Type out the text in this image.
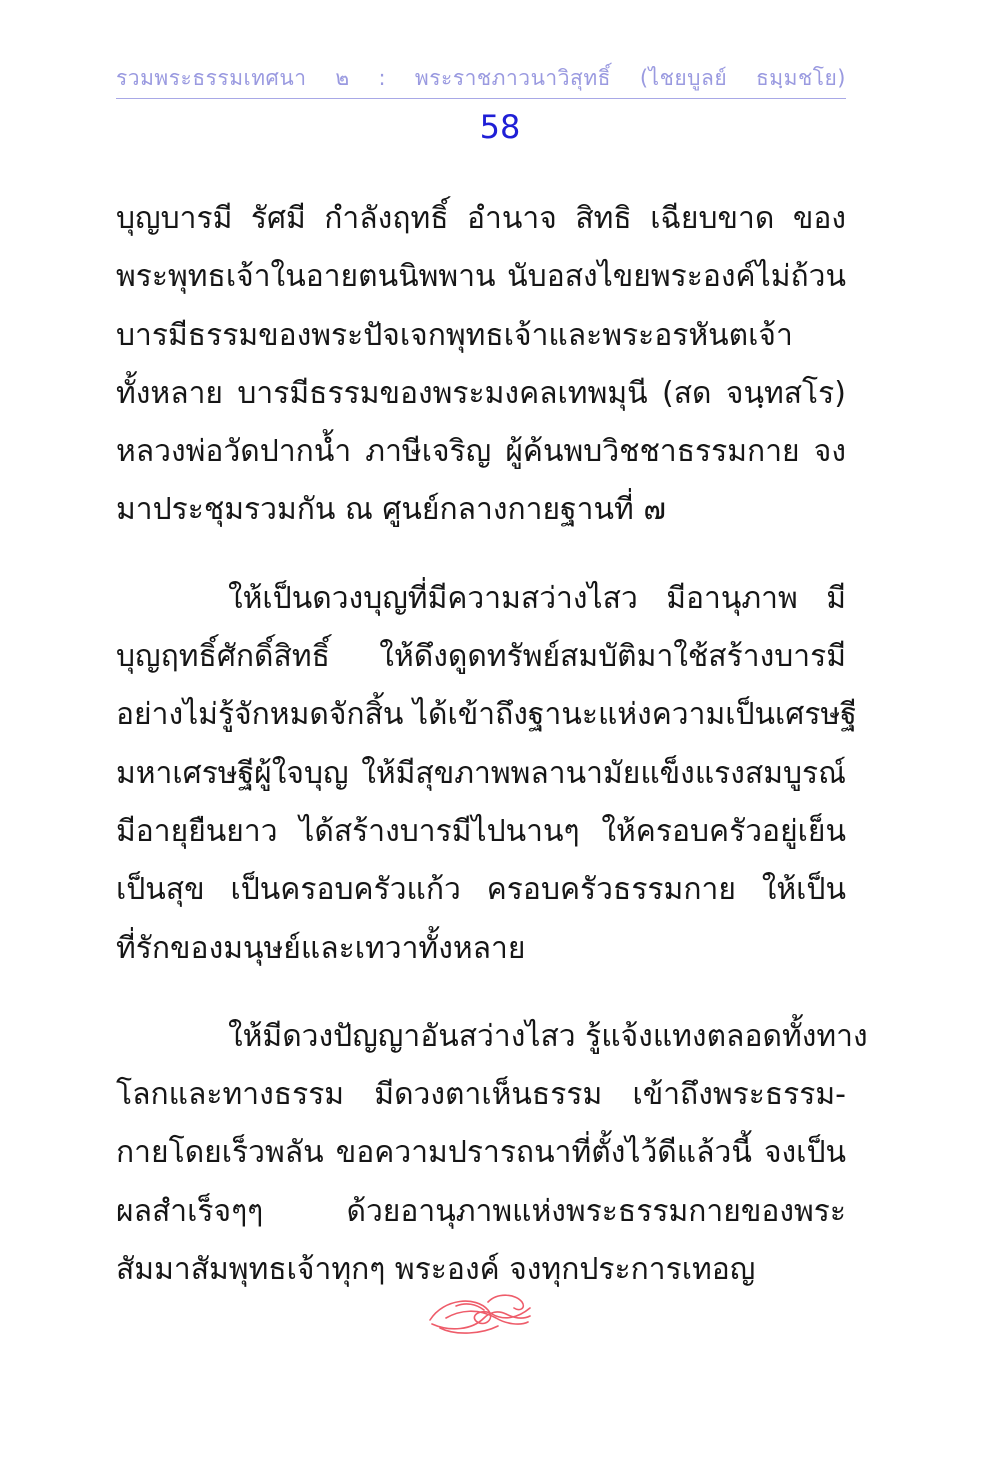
รวมพระธรรมเทศนา ๒ : พระราชภาวนาวิสุทธิ์ (ไชยบูลย์ ธมฺมชโย)
58
บุญบารมี รัศมี กำลังฤทธิ์ อำนาจ สิทธิ เฉียบขาด ของ
พระพุทธเจ้าในอายตนนิพพาน นับอสงไขยพระองค์ไม่ถ้วน
บารมีธรรมของพระปัจเจกพุทธเจ้าและพระอรหันตเจ้า
ทั้งหลาย บารมีธรรมของพระมงคลเทพมุนี (สด จนฺทสโร)
หลวงพ่อวัดปากน้ำ ภาษีเจริญ ผู้ค้นพบวิชชาธรรมกาย จง
มาประชุมรวมกัน ณ ศูนย์กลางกายฐานที่ ๗
ให้เป็นดวงบุญที่มีความสว่างไสว มีอานุภาพ มี
บุญฤทธิ์ศักดิ์สิทธิ์ ให้ดึงดูดทรัพย์สมบัติมาใช้สร้างบารมี
อย่างไม่รู้จักหมดจักสิ้น ได้เข้าถึงฐานะแห่งความเป็นเศรษฐี
มหาเศรษฐีผู้ใจบุญ ให้มีสุขภาพพลานามัยแข็งแรงสมบูรณ์
มีอายุยืนยาว ได้สร้างบารมีไปนานๆ ให้ครอบครัวอยู่เย็น
เป็นสุข เป็นครอบครัวแก้ว ครอบครัวธรรมกาย ให้เป็น
ที่รักของมนุษย์และเทวาทั้งหลาย
ให้มีดวงปัญญาอันสว่างไสว รู้แจ้งแทงตลอดทั้งทาง
โลกและทางธรรม มีดวงตาเห็นธรรม เข้าถึงพระธรรม-
กายโดยเร็วพลัน ขอความปรารถนาที่ตั้งไว้ดีแล้วนี้ จงเป็น
ผลสำเร็จๆๆ ด้วยอานุภาพแห่งพระธรรมกายของพระ
สัมมาสัมพุทธเจ้าทุกๆ พระองค์ จงทุกประการเทอญ
